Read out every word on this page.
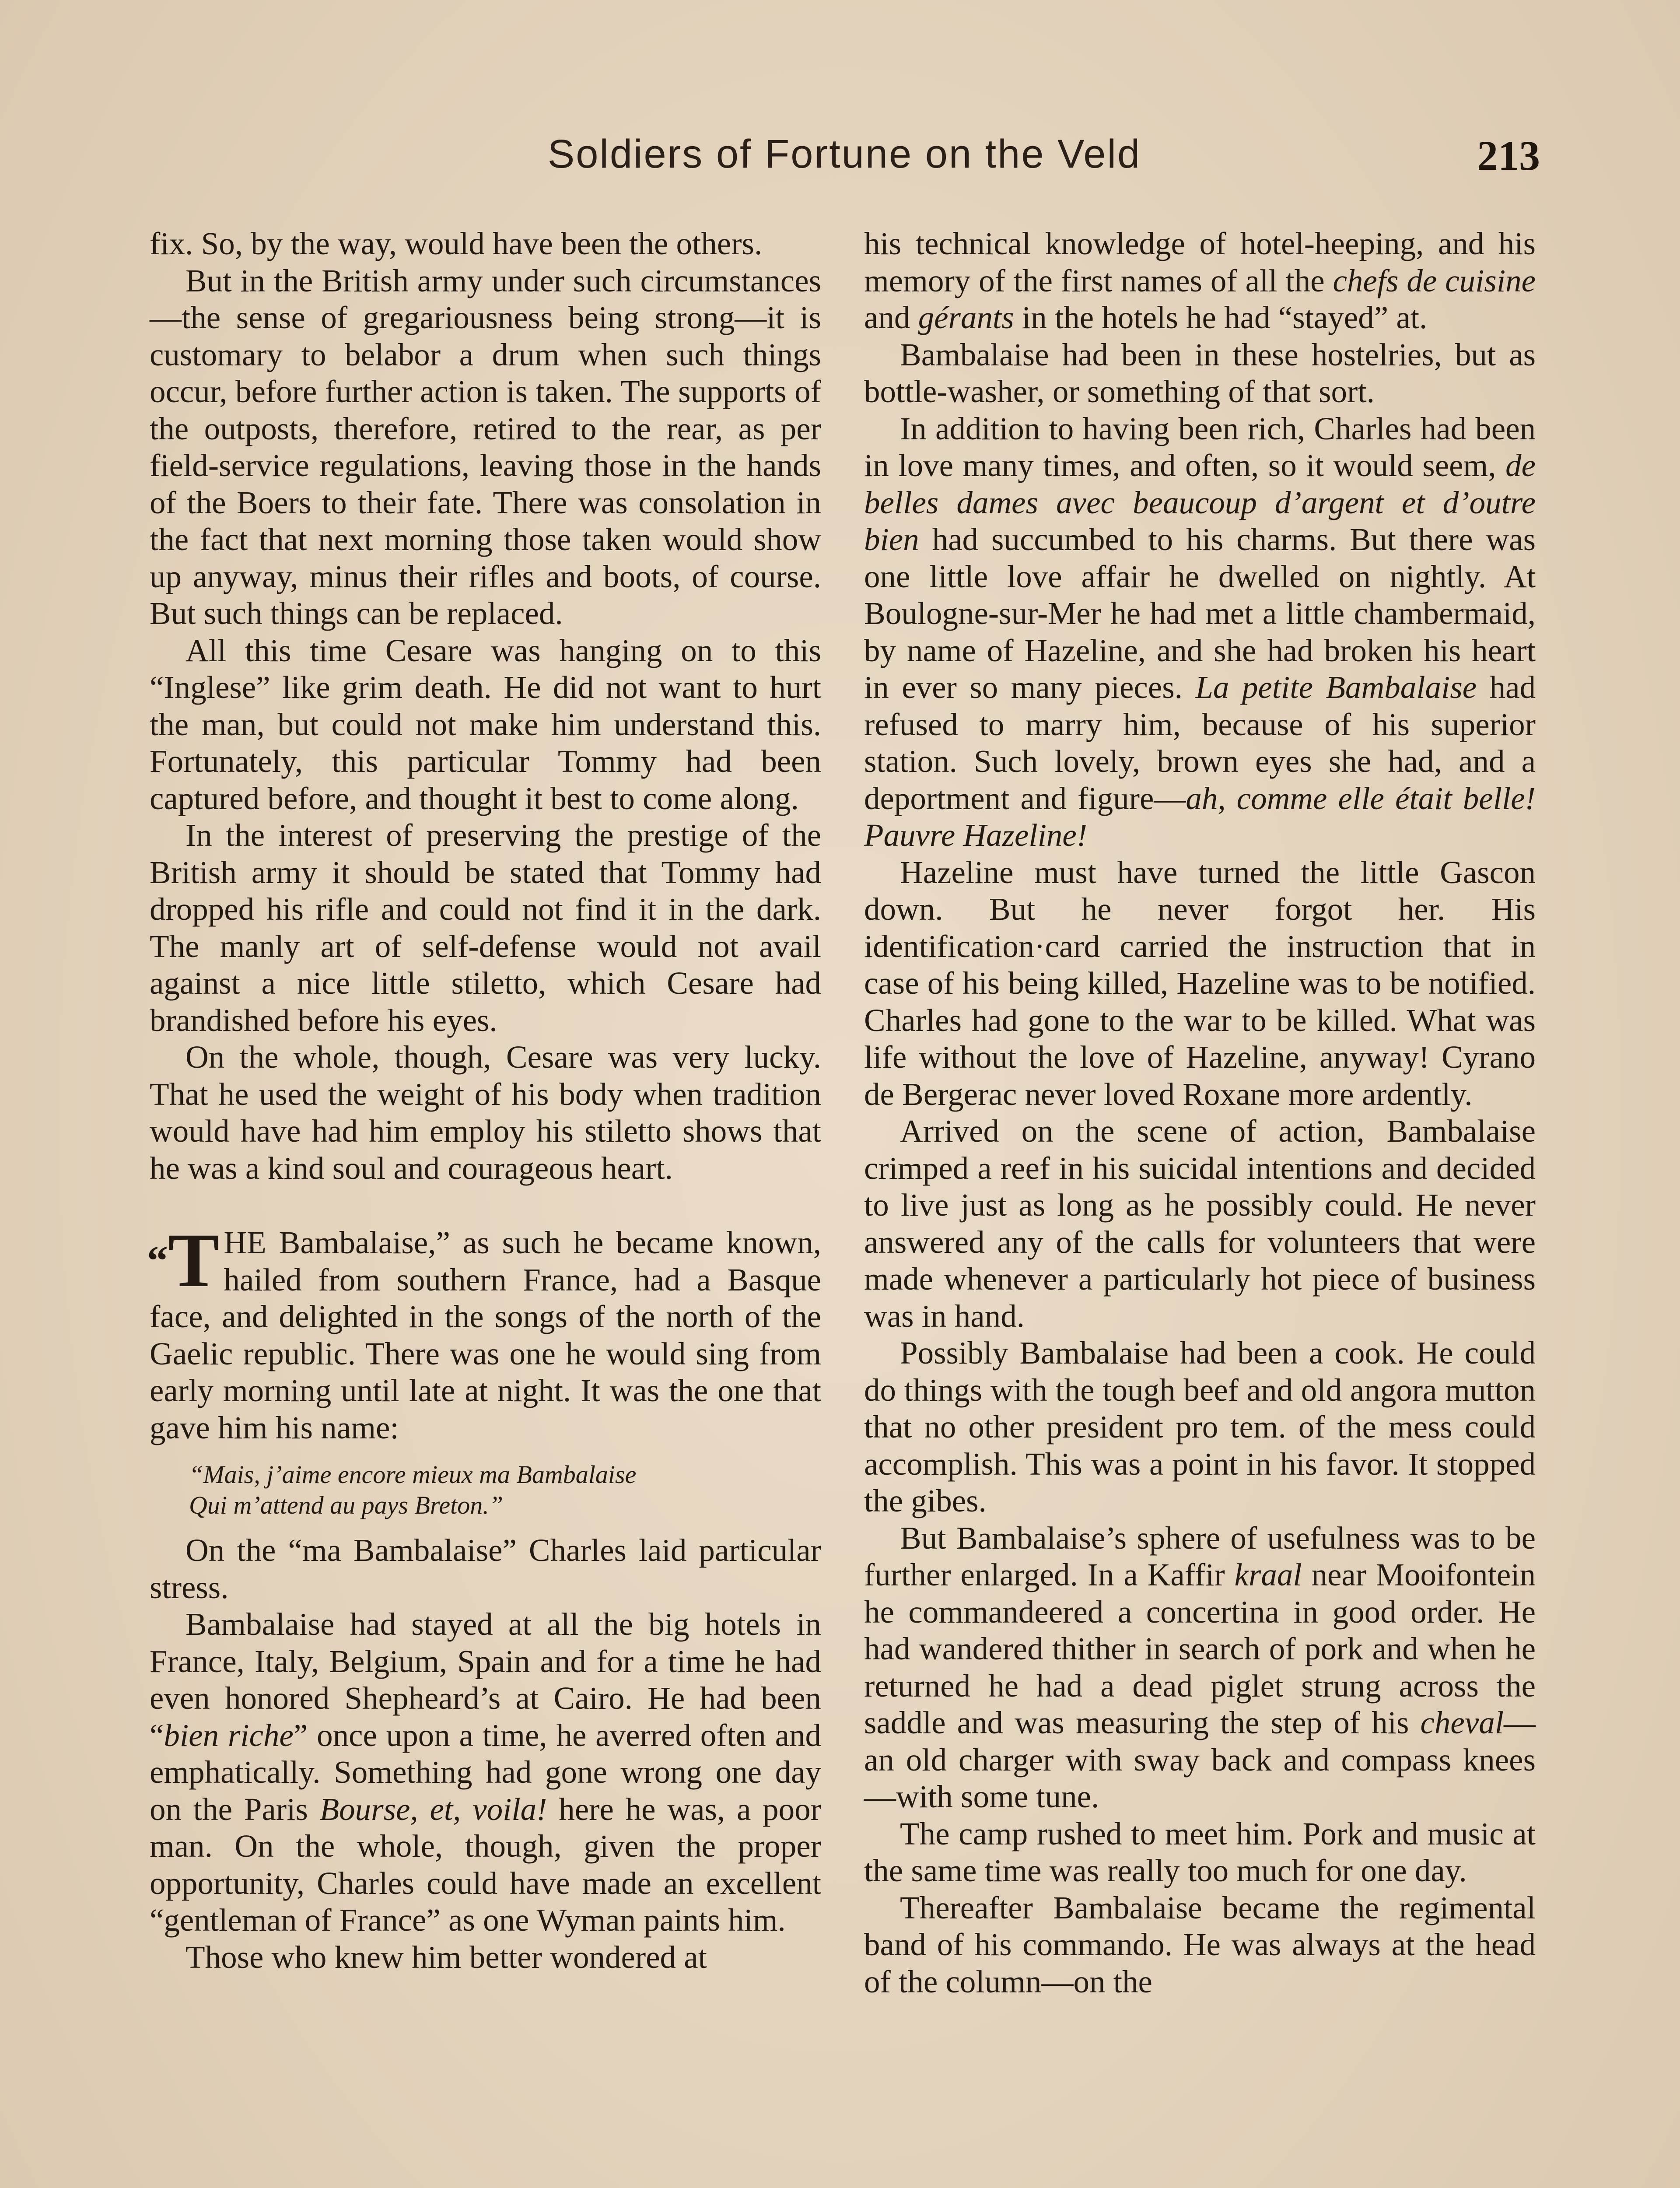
Soldiers of Fortune on the Veld	213

fix. So, by the way, would have been the others.

But in the British army under such circumstances—the sense of gregariousness being strong—it is customary to belabor a drum when such things occur, before further action is taken. The supports of the outposts, therefore, retired to the rear, as per field-service regulations, leaving those in the hands of the Boers to their fate. There was consolation in the fact that next morning those taken would show up anyway, minus their rifles and boots, of course. But such things can be replaced.

All this time Cesare was hanging on to this “Inglese” like grim death. He did not want to hurt the man, but could not make him understand this. Fortunately, this particular Tommy had been captured before, and thought it best to come along.

In the interest of preserving the prestige of the British army it should be stated that Tommy had dropped his rifle and could not find it in the dark. The manly art of self-defense would not avail against a nice little stiletto, which Cesare had brandished before his eyes.

On the whole, though, Cesare was very lucky. That he used the weight of his body when tradition would have had him employ his stiletto shows that he was a kind soul and courageous heart.

“T HE Bambalaise,” as such he became known, hailed from southern France, had a Basque face, and delighted in the songs of the north of the Gaelic republic. There was one he would sing from early morning until late at night. It was the one that gave him his name:

“Mais, j’aime encore mieux ma Bambalaise
Qui m’attend au pays Breton.”

On the “ma Bambalaise” Charles laid particular stress.

Bambalaise had stayed at all the big hotels in France, Italy, Belgium, Spain and for a time he had even honored Shepheard’s at Cairo. He had been “bien riche” once upon a time, he averred often and emphatically. Something had gone wrong one day on the Paris Bourse, et, voila! here he was, a poor man. On the whole, though, given the proper opportunity, Charles could have made an excellent “gentleman of France” as one Wyman paints him.

Those who knew him better wondered at

his technical knowledge of hotel-heeping, and his memory of the first names of all the chefs de cuisine and gérants in the hotels he had “stayed” at.

Bambalaise had been in these hostelries, but as bottle-washer, or something of that sort.

In addition to having been rich, Charles had been in love many times, and often, so it would seem, de belles dames avec beaucoup d’argent et d’outre bien had succumbed to his charms. But there was one little love affair he dwelled on nightly. At Boulogne-sur-Mer he had met a little chambermaid, by name of Hazeline, and she had broken his heart in ever so many pieces. La petite Bambalaise had refused to marry him, because of his superior station. Such lovely, brown eyes she had, and a deportment and figure—ah, comme elle était belle! Pauvre Hazeline!

Hazeline must have turned the little Gascon down. But he never forgot her. His identification·card carried the instruction that in case of his being killed, Hazeline was to be notified. Charles had gone to the war to be killed. What was life without the love of Hazeline, anyway! Cyrano de Bergerac never loved Roxane more ardently.

Arrived on the scene of action, Bambalaise crimped a reef in his suicidal intentions and decided to live just as long as he possibly could. He never answered any of the calls for volunteers that were made whenever a particularly hot piece of business was in hand.

Possibly Bambalaise had been a cook. He could do things with the tough beef and old angora mutton that no other president pro tem. of the mess could accomplish. This was a point in his favor. It stopped the gibes.

But Bambalaise’s sphere of usefulness was to be further enlarged. In a Kaffir kraal near Mooifontein he commandeered a concertina in good order. He had wandered thither in search of pork and when he returned he had a dead piglet strung across the saddle and was measuring the step of his cheval—an old charger with sway back and compass knees—with some tune.

The camp rushed to meet him. Pork and music at the same time was really too much for one day.

Thereafter Bambalaise became the regimental band of his commando. He was always at the head of the column—on the
